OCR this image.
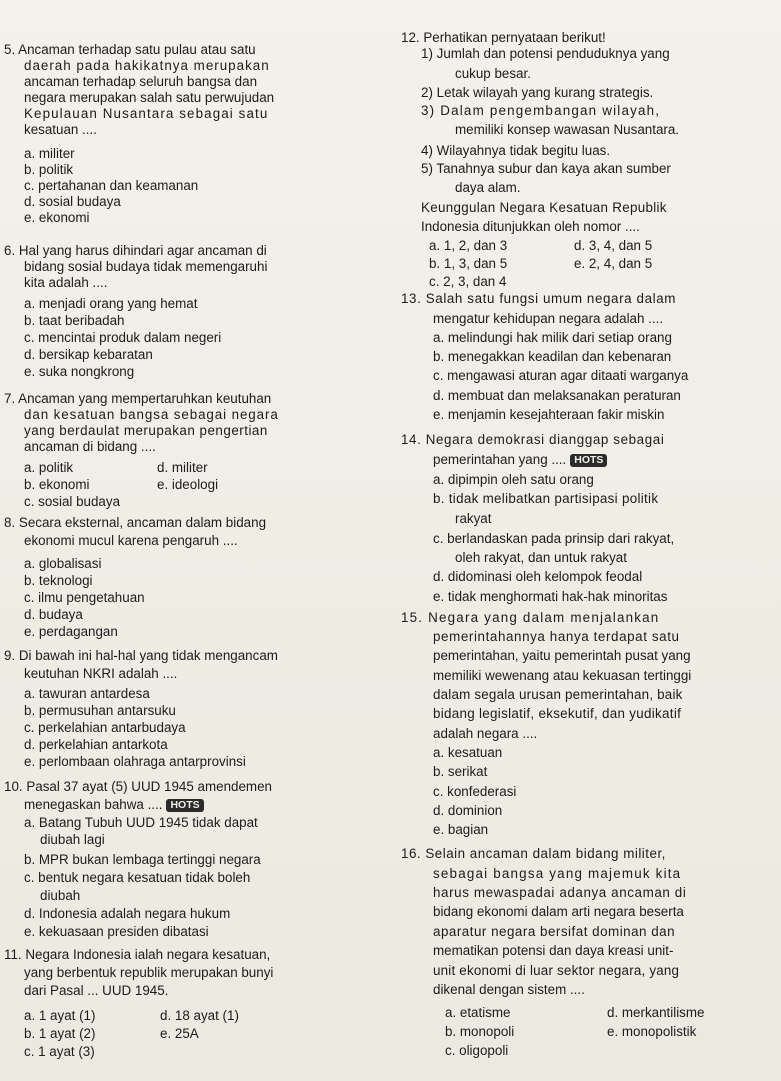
5. Ancaman terhadap satu pulau atau satu
daerah pada hakikatnya merupakan
ancaman terhadap seluruh bangsa dan
negara merupakan salah satu perwujudan
Kepulauan Nusantara sebagai satu
kesatuan ....
a. militer
b. politik
c. pertahanan dan keamanan
d. sosial budaya
e. ekonomi
6. Hal yang harus dihindari agar ancaman di
bidang sosial budaya tidak memengaruhi
kita adalah ....
a. menjadi orang yang hemat
b. taat beribadah
c. mencintai produk dalam negeri
d. bersikap kebaratan
e. suka nongkrong
7. Ancaman yang mempertaruhkan keutuhan
dan kesatuan bangsa sebagai negara
yang berdaulat merupakan pengertian
ancaman di bidang ....
a. politik	d. militer
b. ekonomi	e. ideologi
c. sosial budaya
8. Secara eksternal, ancaman dalam bidang
ekonomi mucul karena pengaruh ....
a. globalisasi
b. teknologi
c. ilmu pengetahuan
d. budaya
e. perdagangan
9. Di bawah ini hal-hal yang tidak mengancam
keutuhan NKRI adalah ....
a. tawuran antardesa
b. permusuhan antarsuku
c. perkelahian antarbudaya
d. perkelahian antarkota
e. perlombaan olahraga antarprovinsi
10. Pasal 37 ayat (5) UUD 1945 amendemen
menegaskan bahwa .... HOTS
a. Batang Tubuh UUD 1945 tidak dapat
diubah lagi
b. MPR bukan lembaga tertinggi negara
c. bentuk negara kesatuan tidak boleh
diubah
d. Indonesia adalah negara hukum
e. kekuasaan presiden dibatasi
11. Negara Indonesia ialah negara kesatuan,
yang berbentuk republik merupakan bunyi
dari Pasal ... UUD 1945.
a. 1 ayat (1)	d. 18 ayat (1)
b. 1 ayat (2)	e. 25A
c. 1 ayat (3)
12. Perhatikan pernyataan berikut!
1) Jumlah dan potensi penduduknya yang
cukup besar.
2) Letak wilayah yang kurang strategis.
3) Dalam pengembangan wilayah,
memiliki konsep wawasan Nusantara.
4) Wilayahnya tidak begitu luas.
5) Tanahnya subur dan kaya akan sumber
daya alam.
Keunggulan Negara Kesatuan Republik
Indonesia ditunjukkan oleh nomor ....
a. 1, 2, dan 3	d. 3, 4, dan 5
b. 1, 3, dan 5	e. 2, 4, dan 5
c. 2, 3, dan 4
13. Salah satu fungsi umum negara dalam
mengatur kehidupan negara adalah ....
a. melindungi hak milik dari setiap orang
b. menegakkan keadilan dan kebenaran
c. mengawasi aturan agar ditaati warganya
d. membuat dan melaksanakan peraturan
e. menjamin kesejahteraan fakir miskin
14. Negara demokrasi dianggap sebagai
pemerintahan yang .... HOTS
a. dipimpin oleh satu orang
b. tidak melibatkan partisipasi politik
rakyat
c. berlandaskan pada prinsip dari rakyat,
oleh rakyat, dan untuk rakyat
d. didominasi oleh kelompok feodal
e. tidak menghormati hak-hak minoritas
15. Negara yang dalam menjalankan
pemerintahannya hanya terdapat satu
pemerintahan, yaitu pemerintah pusat yang
memiliki wewenang atau kekuasan tertinggi
dalam segala urusan pemerintahan, baik
bidang legislatif, eksekutif, dan yudikatif
adalah negara ....
a. kesatuan
b. serikat
c. konfederasi
d. dominion
e. bagian
16. Selain ancaman dalam bidang militer,
sebagai bangsa yang majemuk kita
harus mewaspadai adanya ancaman di
bidang ekonomi dalam arti negara beserta
aparatur negara bersifat dominan dan
mematikan potensi dan daya kreasi unit-
unit ekonomi di luar sektor negara, yang
dikenal dengan sistem ....
a. etatisme	d. merkantilisme
b. monopoli	e. monopolistik
c. oligopoli
